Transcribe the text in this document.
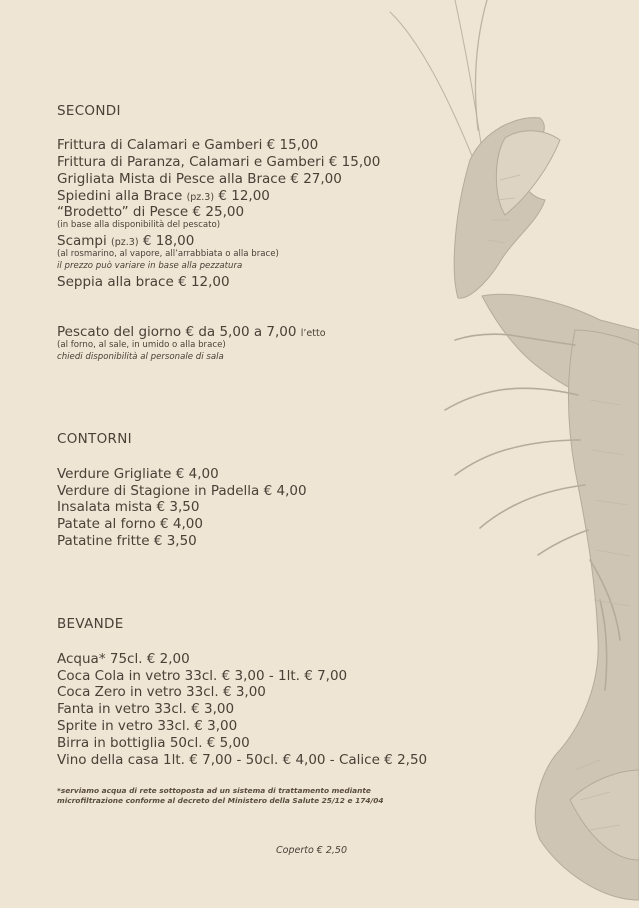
SECONDI
Frittura di Calamari e Gamberi € 15,00
Frittura di Paranza, Calamari e Gamberi € 15,00
Grigliata Mista di Pesce alla Brace € 27,00
Spiedini alla Brace (pz.3) € 12,00
“Brodetto” di Pesce € 25,00
(in base alla disponibilità del pescato)
Scampi (pz.3) € 18,00
(al rosmarino, al vapore, all’arrabbiata o alla brace)
il prezzo può variare in base alla pezzatura
Seppia alla brace € 12,00
Pescato del giorno € da 5,00 a 7,00 l’etto
(al forno, al sale, in umido o alla brace)
chiedi disponibilità al personale di sala
CONTORNI
Verdure Grigliate € 4,00
Verdure di Stagione in Padella € 4,00
Insalata mista € 3,50
Patate al forno € 4,00
Patatine fritte € 3,50
BEVANDE
Acqua* 75cl. € 2,00
Coca Cola in vetro 33cl. € 3,00 - 1lt. € 7,00
Coca Zero in vetro 33cl. € 3,00
Fanta in vetro 33cl. € 3,00
Sprite in vetro 33cl. € 3,00
Birra in bottiglia 50cl. € 5,00
Vino della casa 1lt. € 7,00 - 50cl. € 4,00 - Calice € 2,50
*serviamo acqua di rete sottoposta ad un sistema di trattamento mediante
microfiltrazione conforme al decreto del Ministero della Salute 25/12 e 174/04
Coperto € 2,50
